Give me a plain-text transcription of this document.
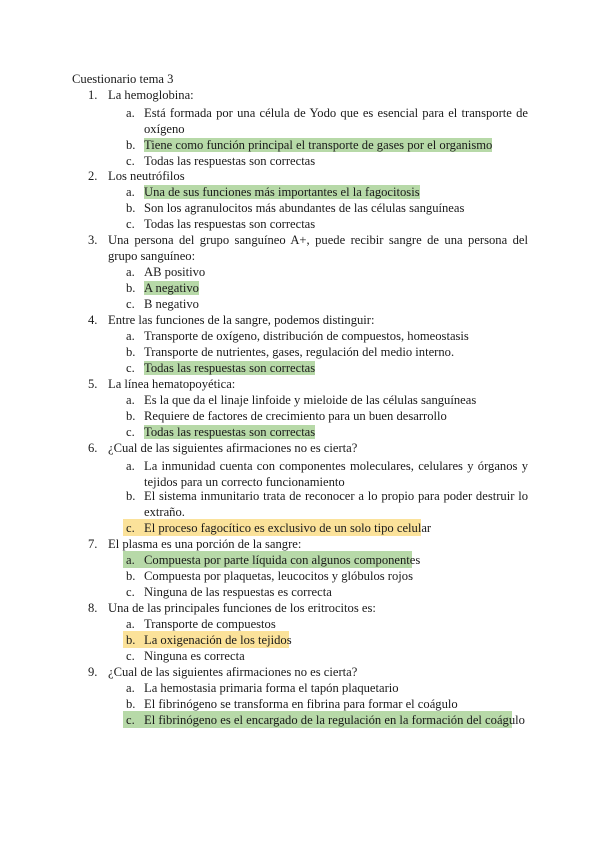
Cuestionario tema 3
1. La hemoglobina:
a. Está formada por una célula de Yodo que es esencial para el transporte de oxígeno
b. Tiene como función principal el transporte de gases por el organismo
c. Todas las respuestas son correctas
2. Los neutrófilos
a. Una de sus funciones más importantes el la fagocitosis
b. Son los agranulocitos más abundantes de las células sanguíneas
c. Todas las respuestas son correctas
3. Una persona del grupo sanguíneo A+, puede recibir sangre de una persona del grupo sanguíneo:
a. AB positivo
b. A negativo
c. B negativo
4. Entre las funciones de la sangre, podemos distinguir:
a. Transporte de oxígeno, distribución de compuestos, homeostasis
b. Transporte de nutrientes, gases, regulación del medio interno.
c. Todas las respuestas son correctas
5. La línea hematopoyética:
a. Es la que da el linaje linfoide y mieloide de las células sanguíneas
b. Requiere de factores de crecimiento para un buen desarrollo
c. Todas las respuestas son correctas
6. ¿Cual de las siguientes afirmaciones no es cierta?
a. La inmunidad cuenta con componentes moleculares, celulares y órganos y tejidos para un correcto funcionamiento
b. El sistema inmunitario trata de reconocer a lo propio para poder destruir lo extraño.
c. El proceso fagocítico es exclusivo de un solo tipo celular
7. El plasma es una porción de la sangre:
a. Compuesta por parte líquida con algunos componentes
b. Compuesta por plaquetas, leucocitos y glóbulos rojos
c. Ninguna de las respuestas es correcta
8. Una de las principales funciones de los eritrocitos es:
a. Transporte de compuestos
b. La oxigenación de los tejidos
c. Ninguna es correcta
9. ¿Cual de las siguientes afirmaciones no es cierta?
a. La hemostasia primaria forma el tapón plaquetario
b. El fibrinógeno se transforma en fibrina para formar el coágulo
c. El fibrinógeno es el encargado de la regulación en la formación del coágulo
